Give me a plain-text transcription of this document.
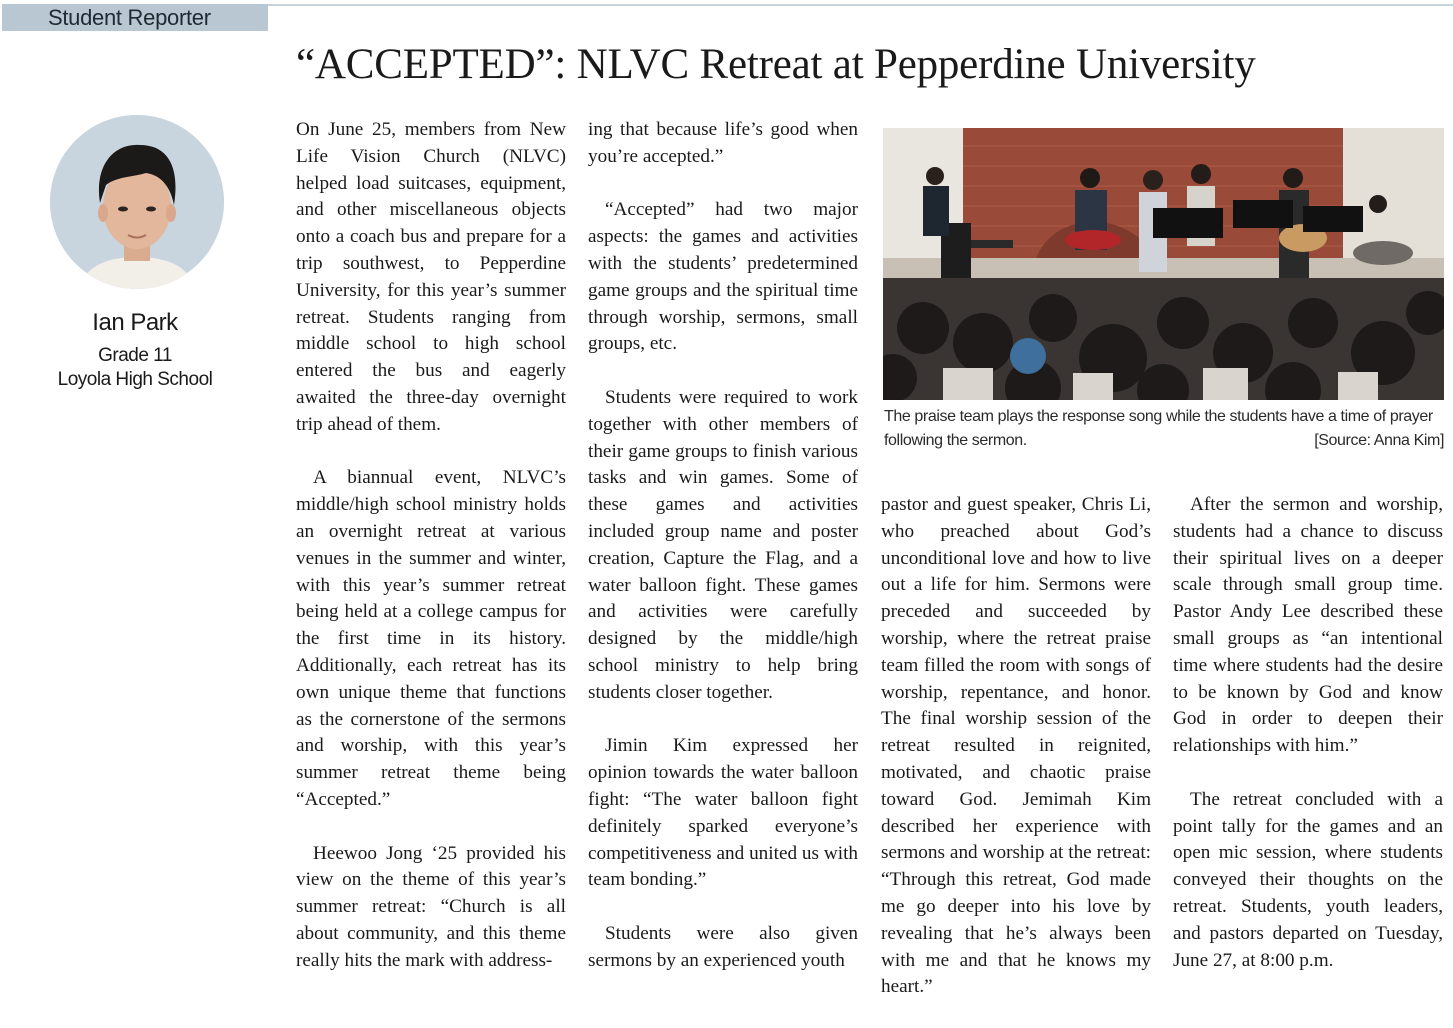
Student Reporter
“ACCEPTED”: NLVC Retreat at Pepperdine University
Ian Park
Grade 11
Loyola High School

On June 25, members from New Life Vision Church (NLVC) helped load suitcases, equipment, and other miscellaneous objects onto a coach bus and prepare for a trip southwest, to Pepperdine University, for this year’s summer retreat. Students ranging from middle school to high school entered the bus and eagerly awaited the three-day overnight trip ahead of them.

A biannual event, NLVC’s middle/high school ministry holds an overnight retreat at various venues in the summer and winter, with this year’s summer retreat being held at a college campus for the first time in its history. Additionally, each retreat has its own unique theme that functions as the cornerstone of the sermons and worship, with this year’s summer retreat theme being “Accepted.”

Heewoo Jong ‘25 provided his view on the theme of this year’s summer retreat: “Church is all about community, and this theme really hits the mark with address-

ing that because life’s good when you’re accepted.”

“Accepted” had two major aspects: the games and activities with the students’ predetermined game groups and the spiritual time through worship, sermons, small groups, etc.

Students were required to work together with other members of their game groups to finish various tasks and win games. Some of these games and activities included group name and poster creation, Capture the Flag, and a water balloon fight. These games and activities were carefully designed by the middle/high school ministry to help bring students closer together.

Jimin Kim expressed her opinion towards the water balloon fight: “The water balloon fight definitely sparked everyone’s competitiveness and united us with team bonding.”

Students were also given sermons by an experienced youth

The praise team plays the response song while the students have a time of prayer following the sermon.	[Source: Anna Kim]

pastor and guest speaker, Chris Li, who preached about God’s unconditional love and how to live out a life for him. Sermons were preceded and succeeded by worship, where the retreat praise team filled the room with songs of worship, repentance, and honor. The final worship session of the retreat resulted in reignited, motivated, and chaotic praise toward God. Jemimah Kim described her experience with sermons and worship at the retreat: “Through this retreat, God made me go deeper into his love by revealing that he’s always been with me and that he knows my heart.”

After the sermon and worship, students had a chance to discuss their spiritual lives on a deeper scale through small group time. Pastor Andy Lee described these small groups as “an intentional time where students had the desire to be known by God and know God in order to deepen their relationships with him.”

The retreat concluded with a point tally for the games and an open mic session, where students conveyed their thoughts on the retreat. Students, youth leaders, and pastors departed on Tuesday, June 27, at 8:00 p.m.
